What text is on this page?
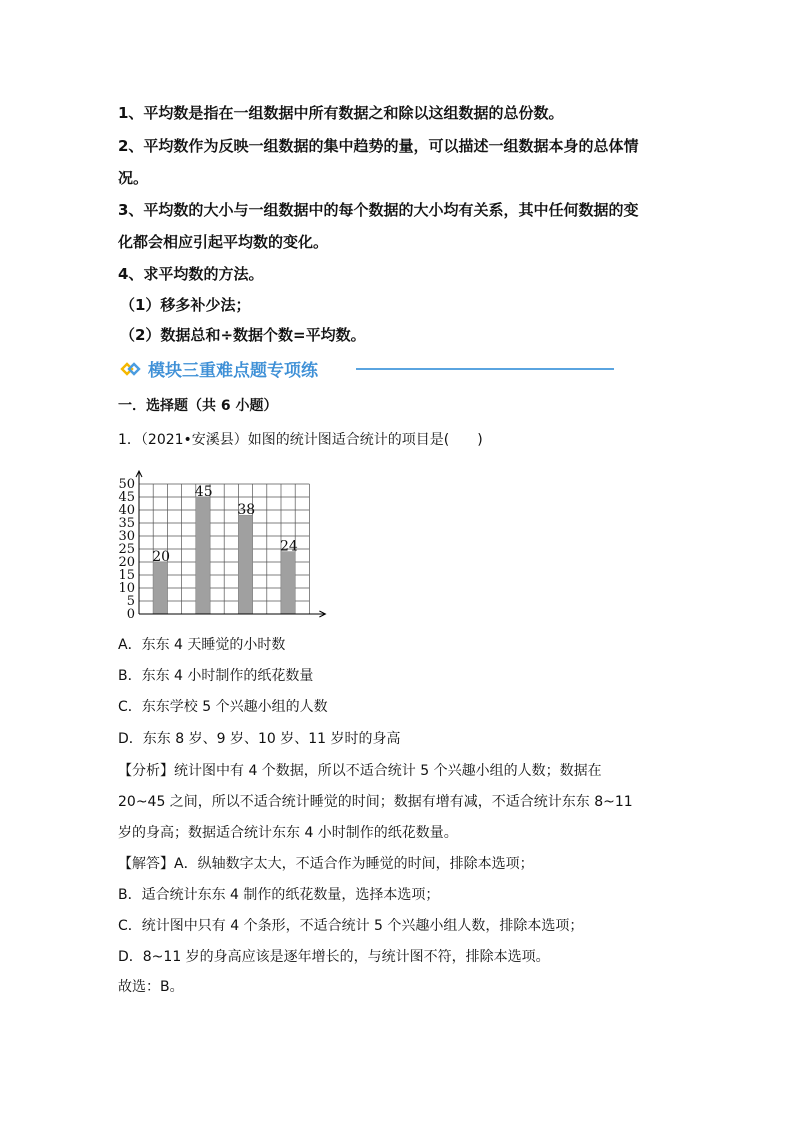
1、平均数是指在一组数据中所有数据之和除以这组数据的总份数。
2、平均数作为反映一组数据的集中趋势的量，可以描述一组数据本身的总体情
况。
3、平均数的大小与一组数据中的每个数据的大小均有关系，其中任何数据的变
化都会相应引起平均数的变化。
4、求平均数的方法。
（1）移多补少法；
（2）数据总和÷数据个数=平均数。
模块三重难点题专项练
一．选择题（共 6 小题）
1．（2021•安溪县）如图的统计图适合统计的项目是(　　)
0
5
10
15
20
25
30
35
40
45
50
20
45
38
24
A．东东 4 天睡觉的小时数
B．东东 4 小时制作的纸花数量
C．东东学校 5 个兴趣小组的人数
D．东东 8 岁、9 岁、10 岁、11 岁时的身高
【分析】统计图中有 4 个数据，所以不适合统计 5 个兴趣小组的人数；数据在
20~45 之间，所以不适合统计睡觉的时间；数据有增有减，不适合统计东东 8~11
岁的身高；数据适合统计东东 4 小时制作的纸花数量。
【解答】A．纵轴数字太大，不适合作为睡觉的时间，排除本选项；
B．适合统计东东 4 制作的纸花数量，选择本选项；
C．统计图中只有 4 个条形，不适合统计 5 个兴趣小组人数，排除本选项；
D．8~11 岁的身高应该是逐年增长的，与统计图不符，排除本选项。
故选：B。
